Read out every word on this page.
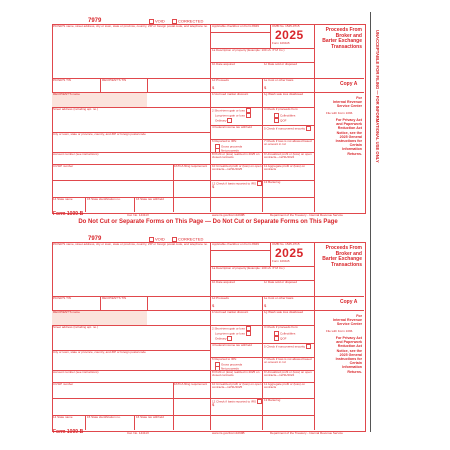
7979	VOID	CORRECTED
PAYER'S name, street address, city or town, state or province, country, ZIP or foreign postal code, and telephone no.
PAYER'S TIN	RECIPIENT'S TIN
RECIPIENT'S name
Street address (including apt. no.)
City or town, state or province, country, and ZIP or foreign postal code
Account number (see instructions)
CUSIP number	FATCA filing requirement
14 State name	15 State identification no.	16 State tax withheld
Applicable checkbox on Form 8949	OMB No. 1545-0715
2025
Form 1099-B
1a Description of property (Example: 100 sh. XYZ Co.)
1b Date acquired	1c Date sold or disposed
1d Proceeds	1e Cost or other basis
1f Accrued market discount	1g Wash sale loss disallowed
2 Short-term gain or loss
Long-term gain or loss
Ordinary
3 Check if proceeds from:
Collectibles
QOF
4 Federal income tax withheld	5 Check if noncovered security
6 Reported to IRS:
Gross proceeds
Net proceeds
7 Check if loss is not allowed based on amount in 1d
8 Profit or (loss) realized in 2025 on closed contracts
9 Unrealized profit or (loss) on open contracts—12/31/2024
10 Unrealized profit or (loss) on open contracts—12/31/2025
11 Aggregate profit or (loss) on contracts
12 Check if basis reported to IRS	13 Bartering
$
$
$
Proceeds From
Broker and
Barter Exchange
Transactions
Copy A
For
Internal Revenue
Service Center
File with Form 1096.
For Privacy Act
and Paperwork
Reduction Act
Notice, see the
2025 General
Instructions for
Certain
Information
Returns.
Form 1099-B	Cat. No. 14411V	www.irs.gov/Form1099B	Department of the Treasury - Internal Revenue Service
Do Not Cut or Separate Forms on This Page — Do Not Cut or Separate Forms on This Page
7979	VOID	CORRECTED
PAYER'S name, street address, city or town, state or province, country, ZIP or foreign postal code, and telephone no.
PAYER'S TIN	RECIPIENT'S TIN
RECIPIENT'S name
Street address (including apt. no.)
City or town, state or province, country, and ZIP or foreign postal code
Account number (see instructions)
CUSIP number	FATCA filing requirement
14 State name	15 State identification no.	16 State tax withheld
Applicable checkbox on Form 8949	OMB No. 1545-0715
2025
Form 1099-B
1a Description of property (Example: 100 sh. XYZ Co.)
1b Date acquired	1c Date sold or disposed
1d Proceeds	1e Cost or other basis
1f Accrued market discount	1g Wash sale loss disallowed
2 Short-term gain or loss
Long-term gain or loss
Ordinary
3 Check if proceeds from:
Collectibles
QOF
4 Federal income tax withheld	5 Check if noncovered security
6 Reported to IRS:
Gross proceeds
Net proceeds
7 Check if loss is not allowed based on amount in 1d
8 Profit or (loss) realized in 2025 on closed contracts
9 Unrealized profit or (loss) on open contracts—12/31/2024
10 Unrealized profit or (loss) on open contracts—12/31/2025
11 Aggregate profit or (loss) on contracts
12 Check if basis reported to IRS	13 Bartering
$
$
$
Proceeds From
Broker and
Barter Exchange
Transactions
Copy A
For
Internal Revenue
Service Center
File with Form 1096.
For Privacy Act
and Paperwork
Reduction Act
Notice, see the
2025 General
Instructions for
Certain
Information
Returns.
Form 1099-B	Cat. No. 14411V	www.irs.gov/Form1099B	Department of the Treasury - Internal Revenue Service
UNACCEPTABLE FOR FILING — FOR INFORMATIONAL USE ONLY
